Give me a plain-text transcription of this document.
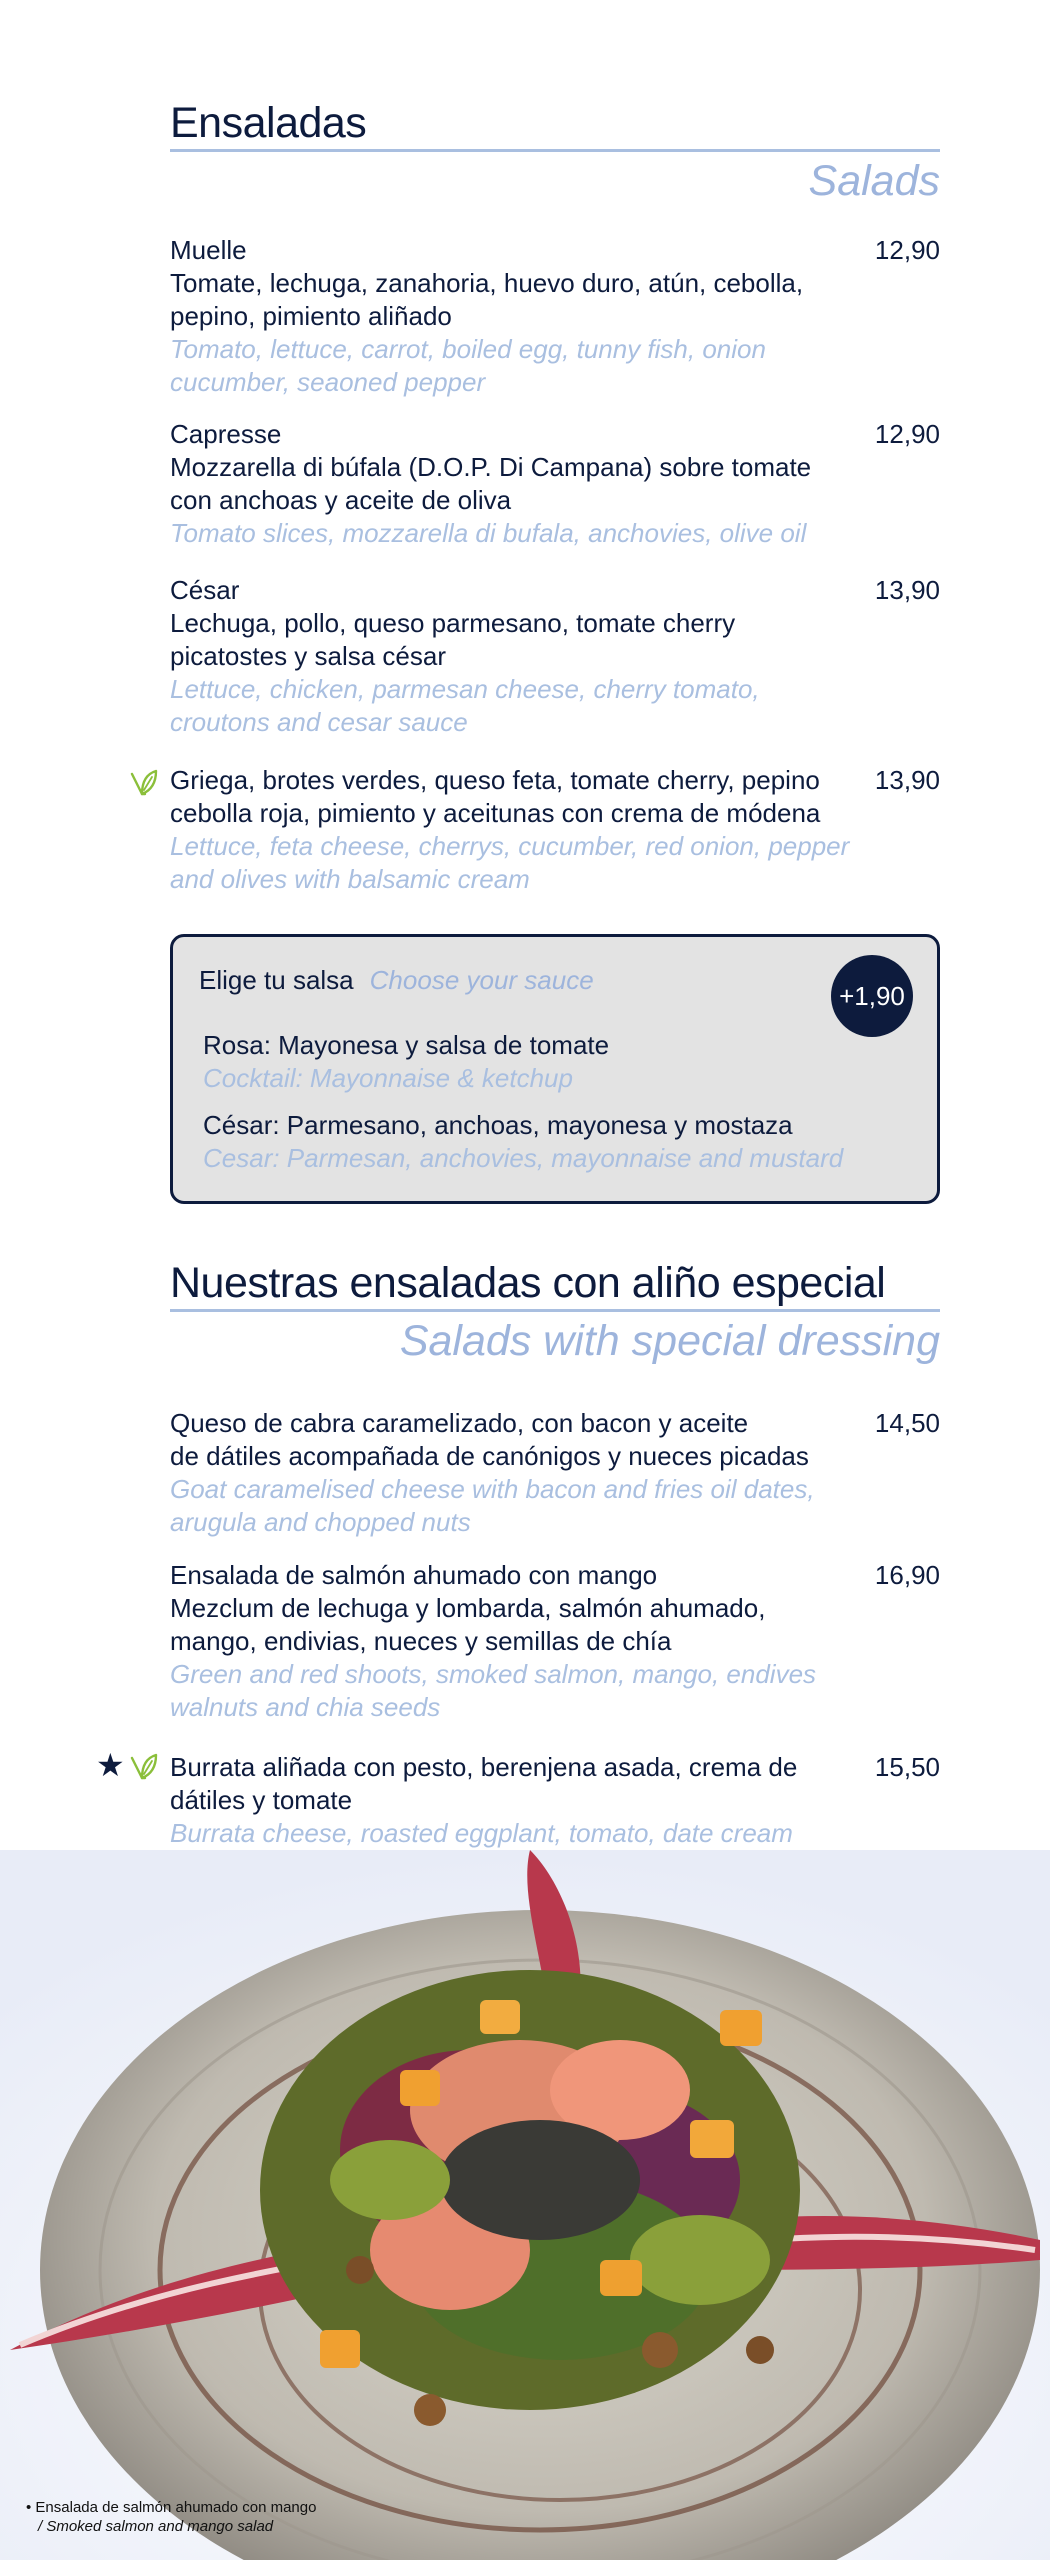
Ensaladas
Salads
Muelle
Tomate, lechuga, zanahoria, huevo duro, atún, cebolla,
pepino, pimiento aliñado
Tomato, lettuce, carrot, boiled egg, tunny fish, onion
cucumber, seaoned pepper
12,90
Capresse
Mozzarella di búfala (D.O.P. Di Campana) sobre tomate
con anchoas y aceite de oliva
Tomato slices, mozzarella di bufala, anchovies, olive oil
12,90
César
Lechuga, pollo, queso parmesano, tomate cherry
picatostes y salsa césar
Lettuce, chicken, parmesan cheese, cherry tomato,
croutons and cesar sauce
13,90
Griega, brotes verdes, queso feta, tomate cherry, pepino
cebolla roja, pimiento y aceitunas con crema de módena
Lettuce, feta cheese, cherrys, cucumber, red onion, pepper
and olives with balsamic cream
13,90
Elige tu salsa Choose your sauce
+1,90
Rosa: Mayonesa y salsa de tomate
Cocktail: Mayonnaise & ketchup
César: Parmesano, anchoas, mayonesa y mostaza
Cesar: Parmesan, anchovies, mayonnaise and mustard
Nuestras ensaladas con aliño especial
Salads with special dressing
Queso de cabra caramelizado, con bacon y aceite
de dátiles acompañada de canónigos y nueces picadas
Goat caramelised cheese with bacon and fries oil dates,
arugula and chopped nuts
14,50
Ensalada de salmón ahumado con mango
Mezclum de lechuga y lombarda, salmón ahumado,
mango, endivias, nueces y semillas de chía
Green and red shoots, smoked salmon, mango, endives
walnuts and chia seeds
16,90
★ Burrata aliñada con pesto, berenjena asada, crema de
dátiles y tomate
Burrata cheese, roasted eggplant, tomato, date cream
15,50
• Ensalada de salmón ahumado con mango
/ Smoked salmon and mango salad
